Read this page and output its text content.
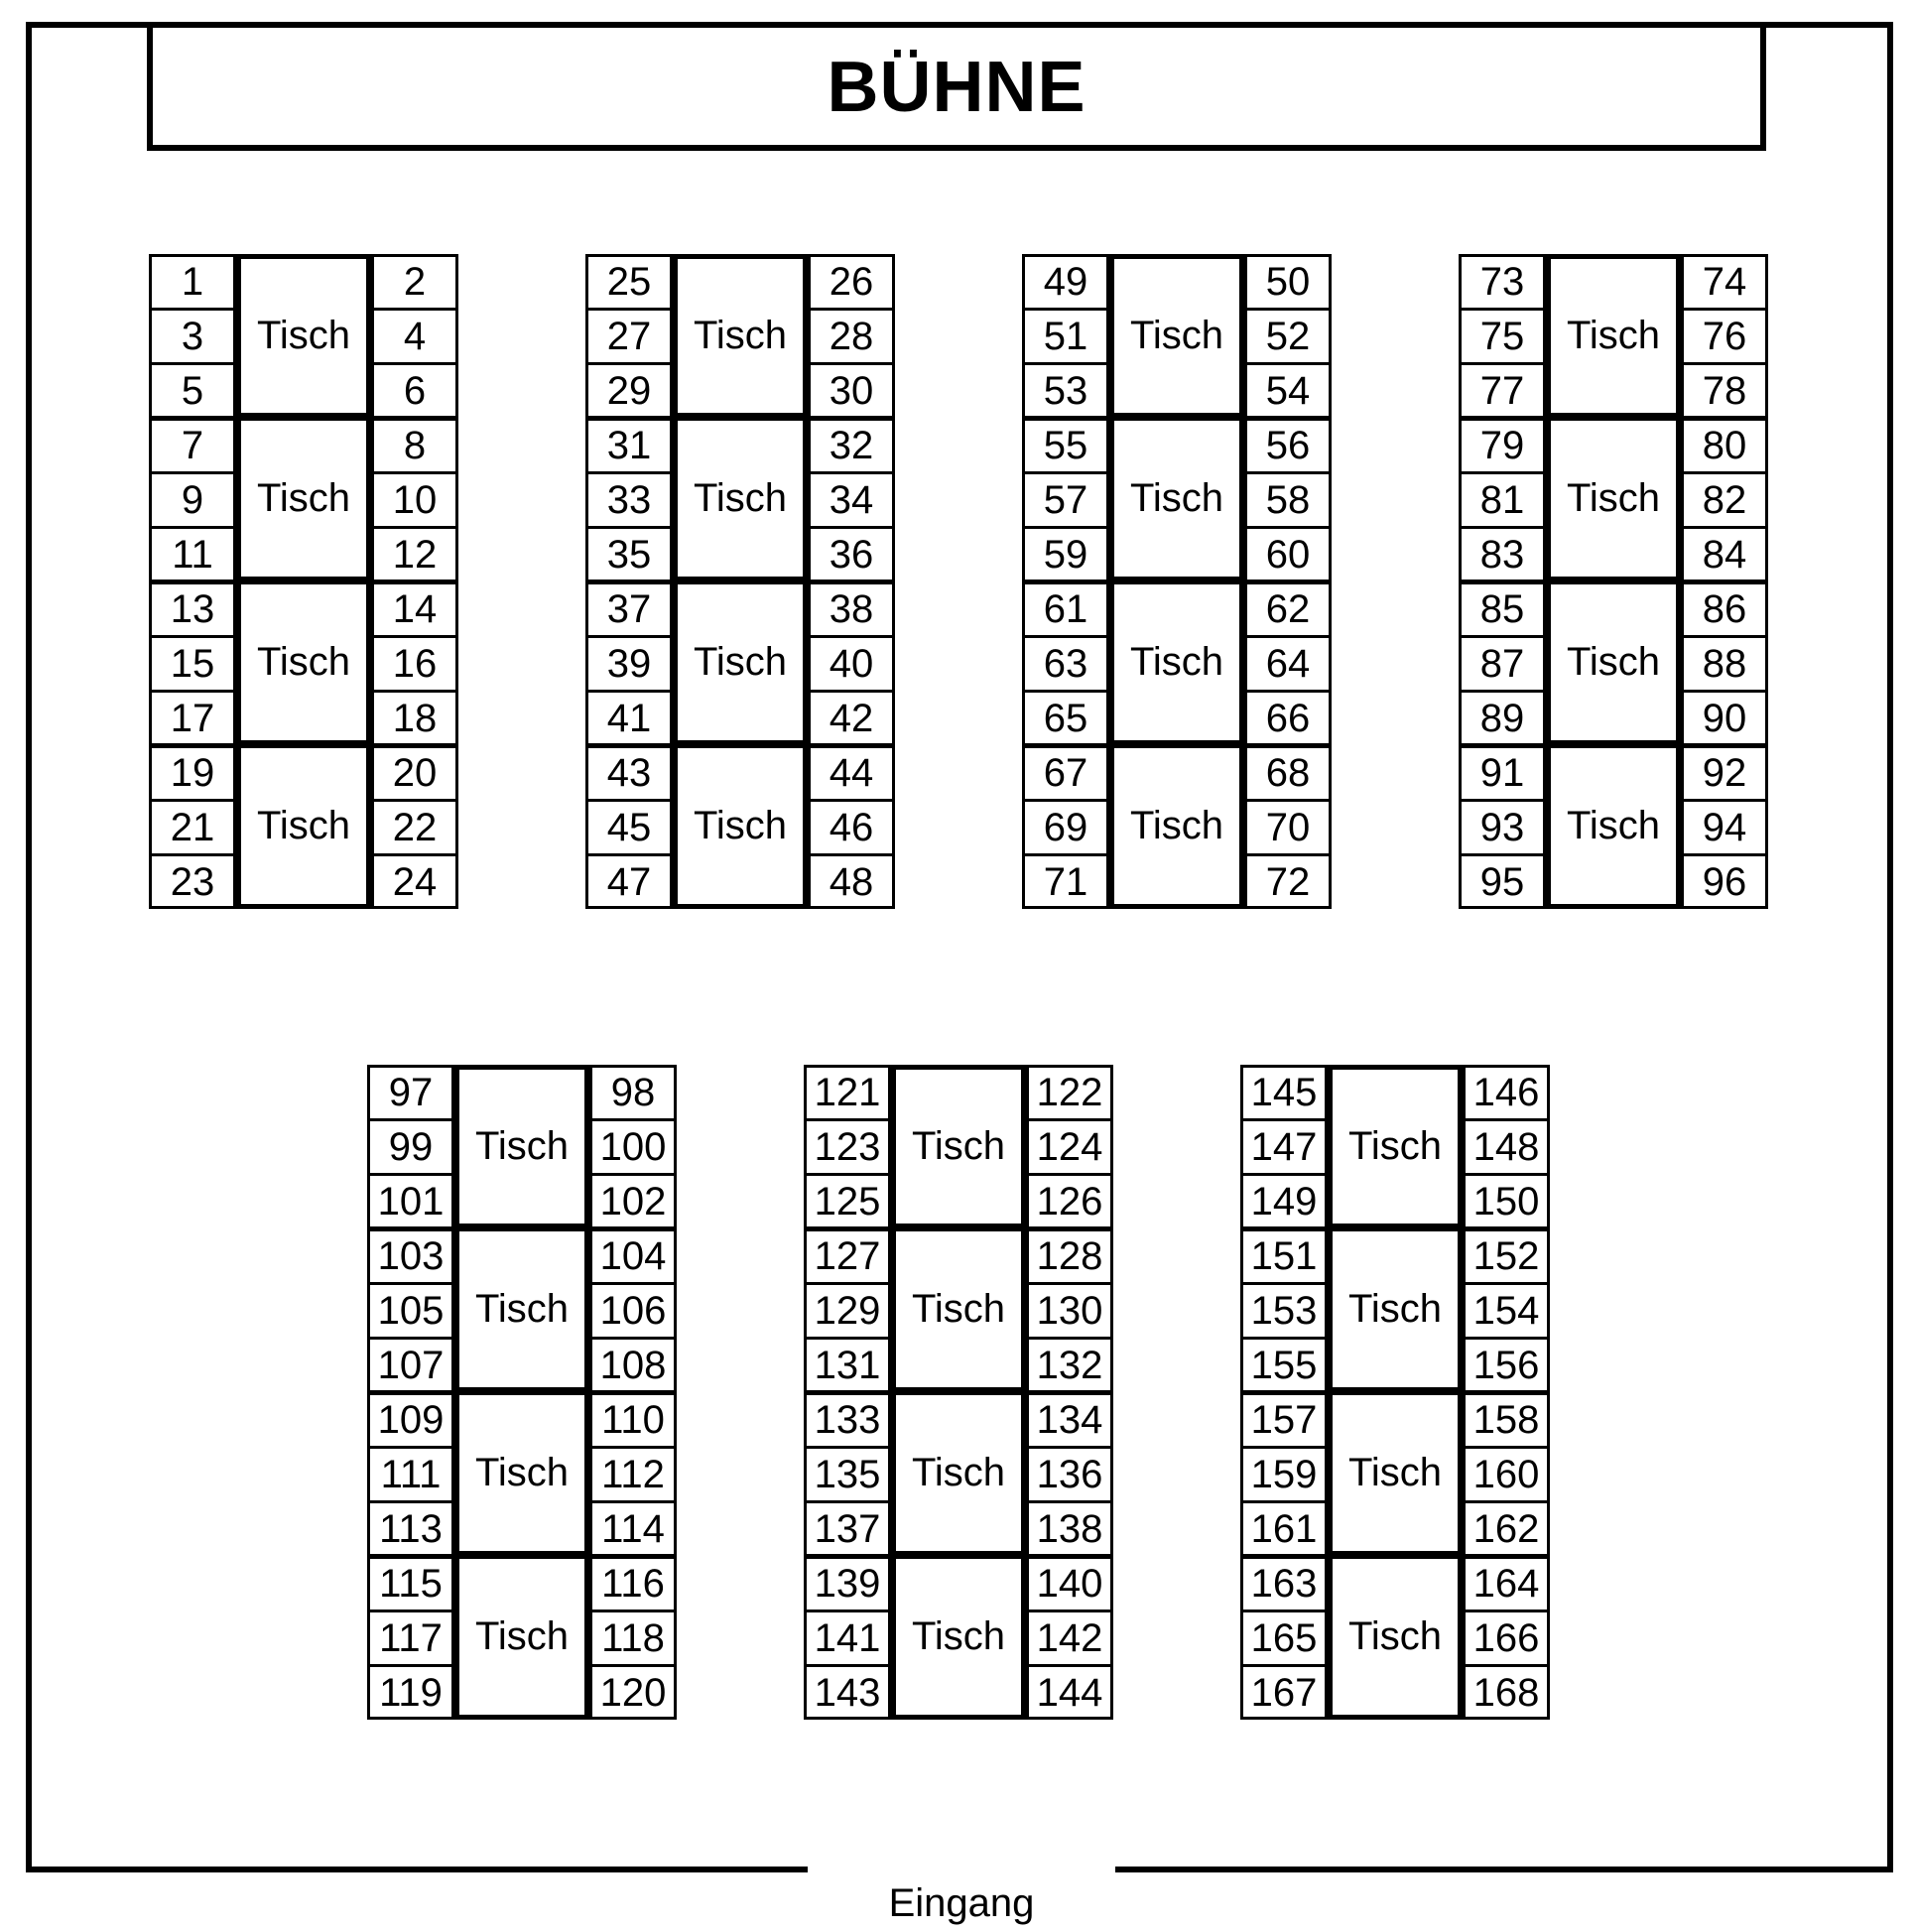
BÜHNE
Eingang
1
3
5
7
9
11
13
15
17
19
21
23
2
4
6
8
10
12
14
16
18
20
22
24
Tisch
Tisch
Tisch
Tisch
25
27
29
31
33
35
37
39
41
43
45
47
26
28
30
32
34
36
38
40
42
44
46
48
Tisch
Tisch
Tisch
Tisch
49
51
53
55
57
59
61
63
65
67
69
71
50
52
54
56
58
60
62
64
66
68
70
72
Tisch
Tisch
Tisch
Tisch
73
75
77
79
81
83
85
87
89
91
93
95
74
76
78
80
82
84
86
88
90
92
94
96
Tisch
Tisch
Tisch
Tisch
97
99
101
103
105
107
109
111
113
115
117
119
98
100
102
104
106
108
110
112
114
116
118
120
Tisch
Tisch
Tisch
Tisch
121
123
125
127
129
131
133
135
137
139
141
143
122
124
126
128
130
132
134
136
138
140
142
144
Tisch
Tisch
Tisch
Tisch
145
147
149
151
153
155
157
159
161
163
165
167
146
148
150
152
154
156
158
160
162
164
166
168
Tisch
Tisch
Tisch
Tisch
